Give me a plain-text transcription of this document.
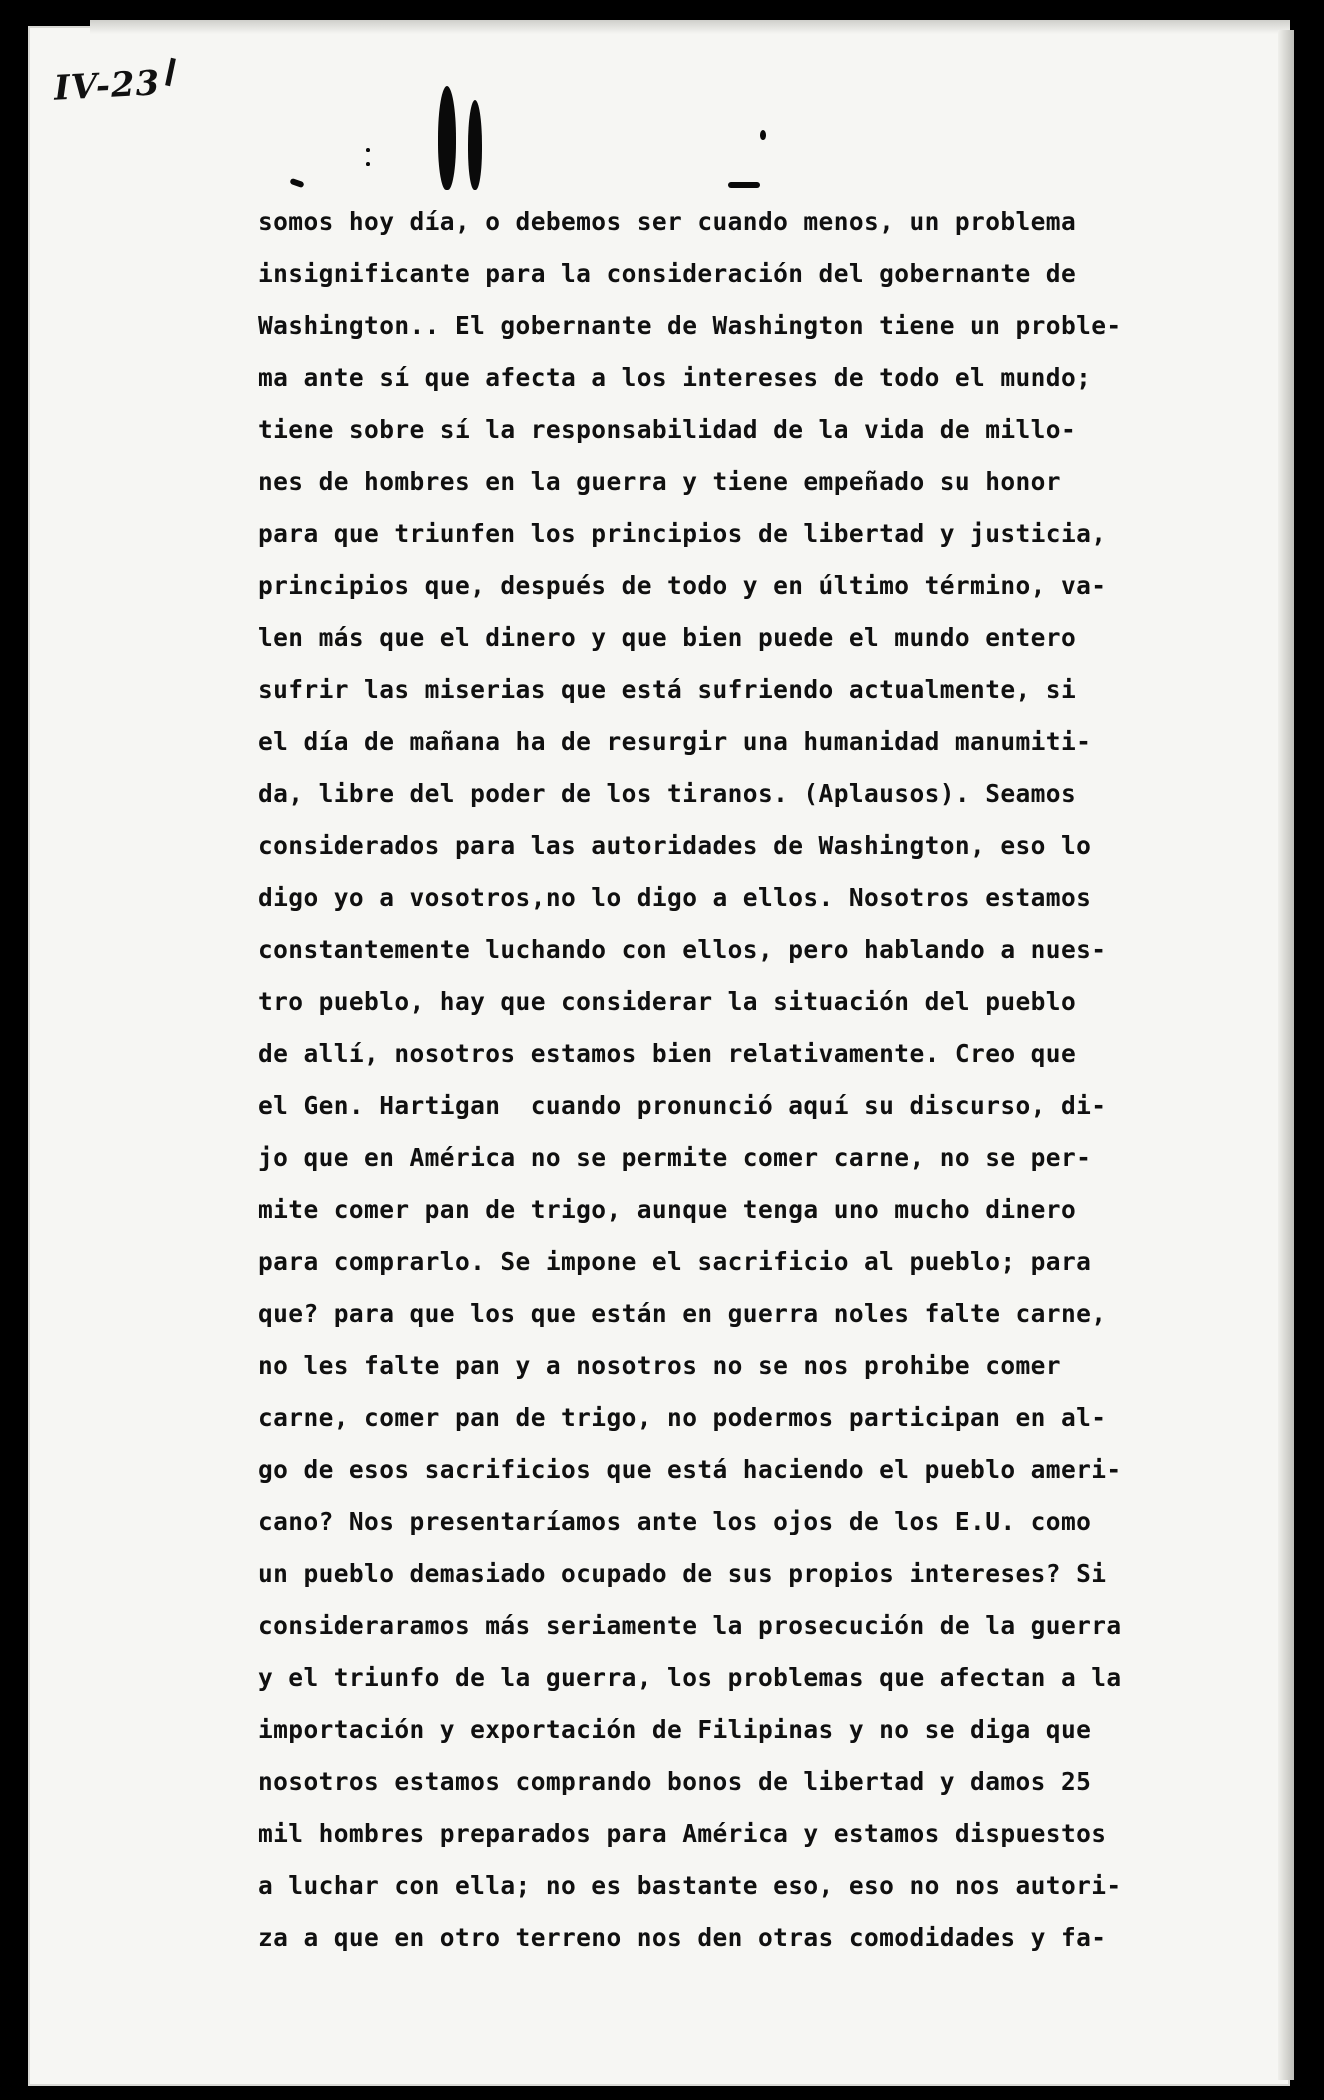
IV-23
somos hoy día, o debemos ser cuando menos, un problema
insignificante para la consideración del gobernante de
Washington.. El gobernante de Washington tiene un proble-
ma ante sí que afecta a los intereses de todo el mundo;
tiene sobre sí la responsabilidad de la vida de millo-
nes de hombres en la guerra y tiene empeñado su honor
para que triunfen los principios de libertad y justicia,
principios que, después de todo y en último término, va-
len más que el dinero y que bien puede el mundo entero
sufrir las miserias que está sufriendo actualmente, si
el día de mañana ha de resurgir una humanidad manumiti-
da, libre del poder de los tiranos. (Aplausos). Seamos
considerados para las autoridades de Washington, eso lo
digo yo a vosotros,no lo digo a ellos. Nosotros estamos
constantemente luchando con ellos, pero hablando a nues-
tro pueblo, hay que considerar la situación del pueblo
de allí, nosotros estamos bien relativamente. Creo que
el Gen. Hartigan  cuando pronunció aquí su discurso, di-
jo que en América no se permite comer carne, no se per-
mite comer pan de trigo, aunque tenga uno mucho dinero
para comprarlo. Se impone el sacrificio al pueblo; para
que? para que los que están en guerra noles falte carne,
no les falte pan y a nosotros no se nos prohibe comer
carne, comer pan de trigo, no podermos participan en al-
go de esos sacrificios que está haciendo el pueblo ameri-
cano? Nos presentaríamos ante los ojos de los E.U. como
un pueblo demasiado ocupado de sus propios intereses? Si
consideraramos más seriamente la prosecución de la guerra
y el triunfo de la guerra, los problemas que afectan a la
importación y exportación de Filipinas y no se diga que
nosotros estamos comprando bonos de libertad y damos 25
mil hombres preparados para América y estamos dispuestos
a luchar con ella; no es bastante eso, eso no nos autori-
za a que en otro terreno nos den otras comodidades y fa-
